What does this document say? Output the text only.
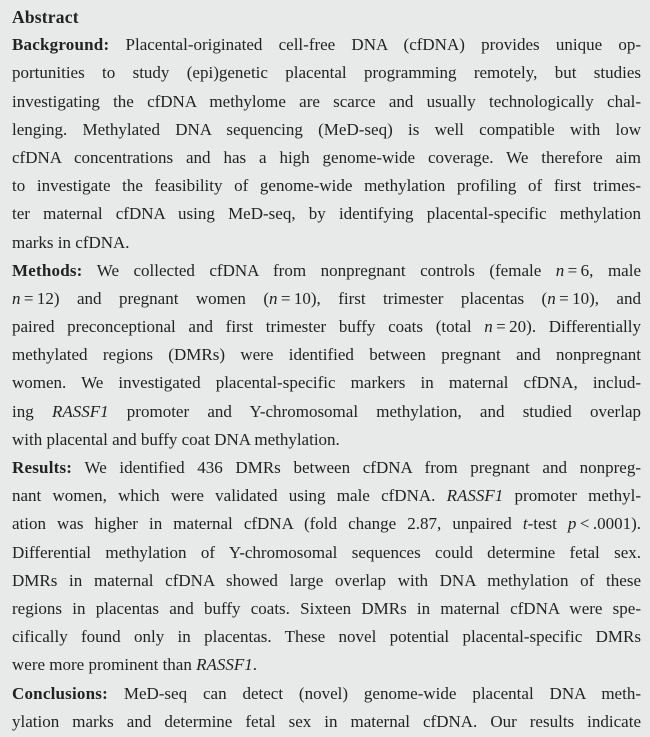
Abstract
Background: Placental-originated cell-free DNA (cfDNA) provides unique op-
portunities to study (epi)genetic placental programming remotely, but studies
investigating the cfDNA methylome are scarce and usually technologically chal-
lenging. Methylated DNA sequencing (MeD-seq) is well compatible with low
cfDNA concentrations and has a high genome-wide coverage. We therefore aim
to investigate the feasibility of genome-wide methylation profiling of first trimes-
ter maternal cfDNA using MeD-seq, by identifying placental-specific methylation
marks in cfDNA.
Methods: We collected cfDNA from nonpregnant controls (female n = 6, male
n = 12) and pregnant women (n = 10), first trimester placentas (n = 10), and
paired preconceptional and first trimester buffy coats (total n = 20). Differentially
methylated regions (DMRs) were identified between pregnant and nonpregnant
women. We investigated placental-specific markers in maternal cfDNA, includ-
ing RASSF1 promoter and Y-chromosomal methylation, and studied overlap
with placental and buffy coat DNA methylation.
Results: We identified 436 DMRs between cfDNA from pregnant and nonpreg-
nant women, which were validated using male cfDNA. RASSF1 promoter methyl-
ation was higher in maternal cfDNA (fold change 2.87, unpaired t-test p < .0001).
Differential methylation of Y-chromosomal sequences could determine fetal sex.
DMRs in maternal cfDNA showed large overlap with DNA methylation of these
regions in placentas and buffy coats. Sixteen DMRs in maternal cfDNA were spe-
cifically found only in placentas. These novel potential placental-specific DMRs
were more prominent than RASSF1.
Conclusions: MeD-seq can detect (novel) genome-wide placental DNA meth-
ylation marks and determine fetal sex in maternal cfDNA. Our results indicate
